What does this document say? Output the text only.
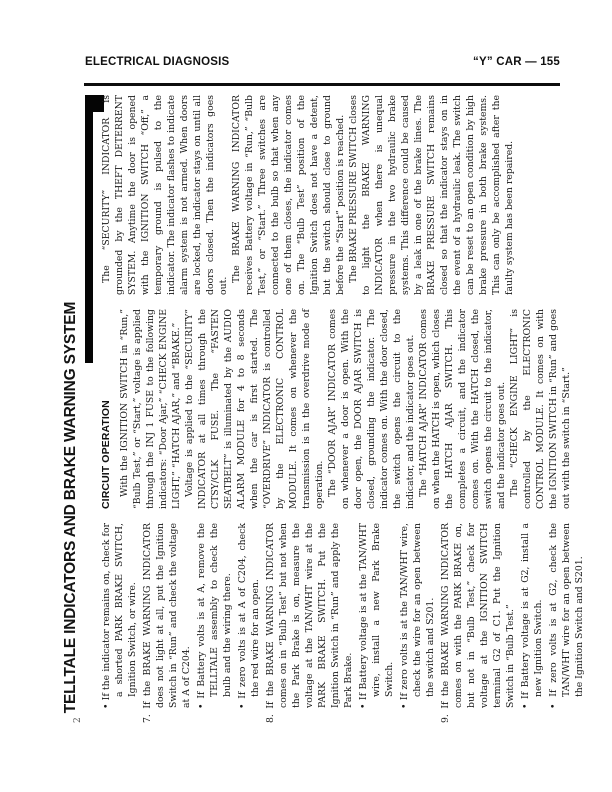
ELECTRICAL DIAGNOSIS	“Y” CAR — 155
$_2$TELLTALE INDICATORS AND BRAKE WARNING SYSTEM	• If the indicator remains on, check for a shorted PARK BRAKE SWITCH, Ignition Switch, or wire.
7. If the BRAKE WARNING INDICATOR does not light at all, put the Ignition Switch in “Run” and check the voltage at A of C204. • If Battery volts is at A, remove the TELLTALE assembly to check the bulb and the wiring there.
• If zero volts is at A of C204, check the red wire for an open.
8. If the BRAKE WARNING INDICATOR comes on in “Bulb Test” but not when the Park Brake is on, measure the voltage at the TAN/WHT wire at the PARK BRAKE SWITCH. Put the Ignition Switch in “Run” and apply the Park Brake. • If Battery voltage is at the TAN/WHT wire, install a new Park Brake Switch.
• If zero volts is at the TAN/WHT wire, check the wire for an open between the switch and S201.
9. If the BRAKE WARNING INDICATOR comes on with the PARK BRAKE on, but not in “Bulb Test,” check for voltage at the IGNITION SWITCH terminal G2 of C1. Put the Ignition Switch in “Bulb Test.” • If Battery voltage is at G2, install a new Ignition Switch.
• If zero volts is at G2, check the TAN/WHT wire for an open between the Ignition Switch and S201.

CIRCUIT OPERATION With the IGNITION SWITCH in “Run,” “Bulb Test,” or “Start,” voltage is applied through the INJ 1 FUSE to the following indicators: “Door Ajar,” “CHECK ENGINE LIGHT,” “HATCH AJAR,” and “BRAKE.” Voltage is applied to the “SECURITY” INDICATOR at all times through the CTSY/CLK FUSE. The “FASTEN SEATBELT” is illuminated by the AUDIO ALARM MODULE for 4 to 8 seconds when the car is first started. The “OVERDRIVE” INDICATOR is controlled by the ELECTRONIC CONTROL MODULE. It comes on whenever the transmission is in the overdrive mode of operation. The “DOOR AJAR” INDICATOR comes on whenever a door is open. With the door open, the DOOR AJAR SWITCH is closed, grounding the indicator. The indicator comes on. With the door closed, the switch opens the circuit to the indicator, and the indicator goes out. The “HATCH AJAR” INDICATOR comes on when the HATCH is open, which closes the HATCH AJAR SWITCH. This completes a circuit, and the indicator comes on. With the HATCH closed, the switch opens the circuit to the indicator, and the indicator goes out. The “CHECK ENGINE LIGHT” is controlled by the ELECTRONIC CONTROL MODULE. It comes on with the IGNITION SWITCH in “Run” and goes out with the switch in “Start.”

The “SECURITY” INDICATOR is grounded by the THEFT DETERRENT SYSTEM. Anytime the door is opened with the IGNITION SWITCH “Off,” a temporary ground is pulsed to the indicator. The indicator flashes to indicate alarm system is not armed. When doors are locked, the indicator stays on until all doors closed. Then the indicators goes out.

The BRAKE WARNING INDICATOR receives Battery voltage in “Run,” “Bulb Test,” or “Start.” Three switches are connected to the bulb so that when any one of them closes, the indicator comes on. The “Bulb Test” position of the Ignition Switch does not have a detent, but the switch should close to ground before the “Start” position is reached. The BRAKE PRESSURE SWITCH closes to light the BRAKE WARNING INDICATOR when there is unequal pressure in the two hydraulic brake systems. This difference could be caused by a leak in one of the brake lines. The BRAKE PRESSURE SWITCH remains closed so that the indicator stays on in the event of a hydraulic leak. The switch can be reset to an open condition by high brake pressure in both brake systems. This can only be accomplished after the faulty system has been repaired.
